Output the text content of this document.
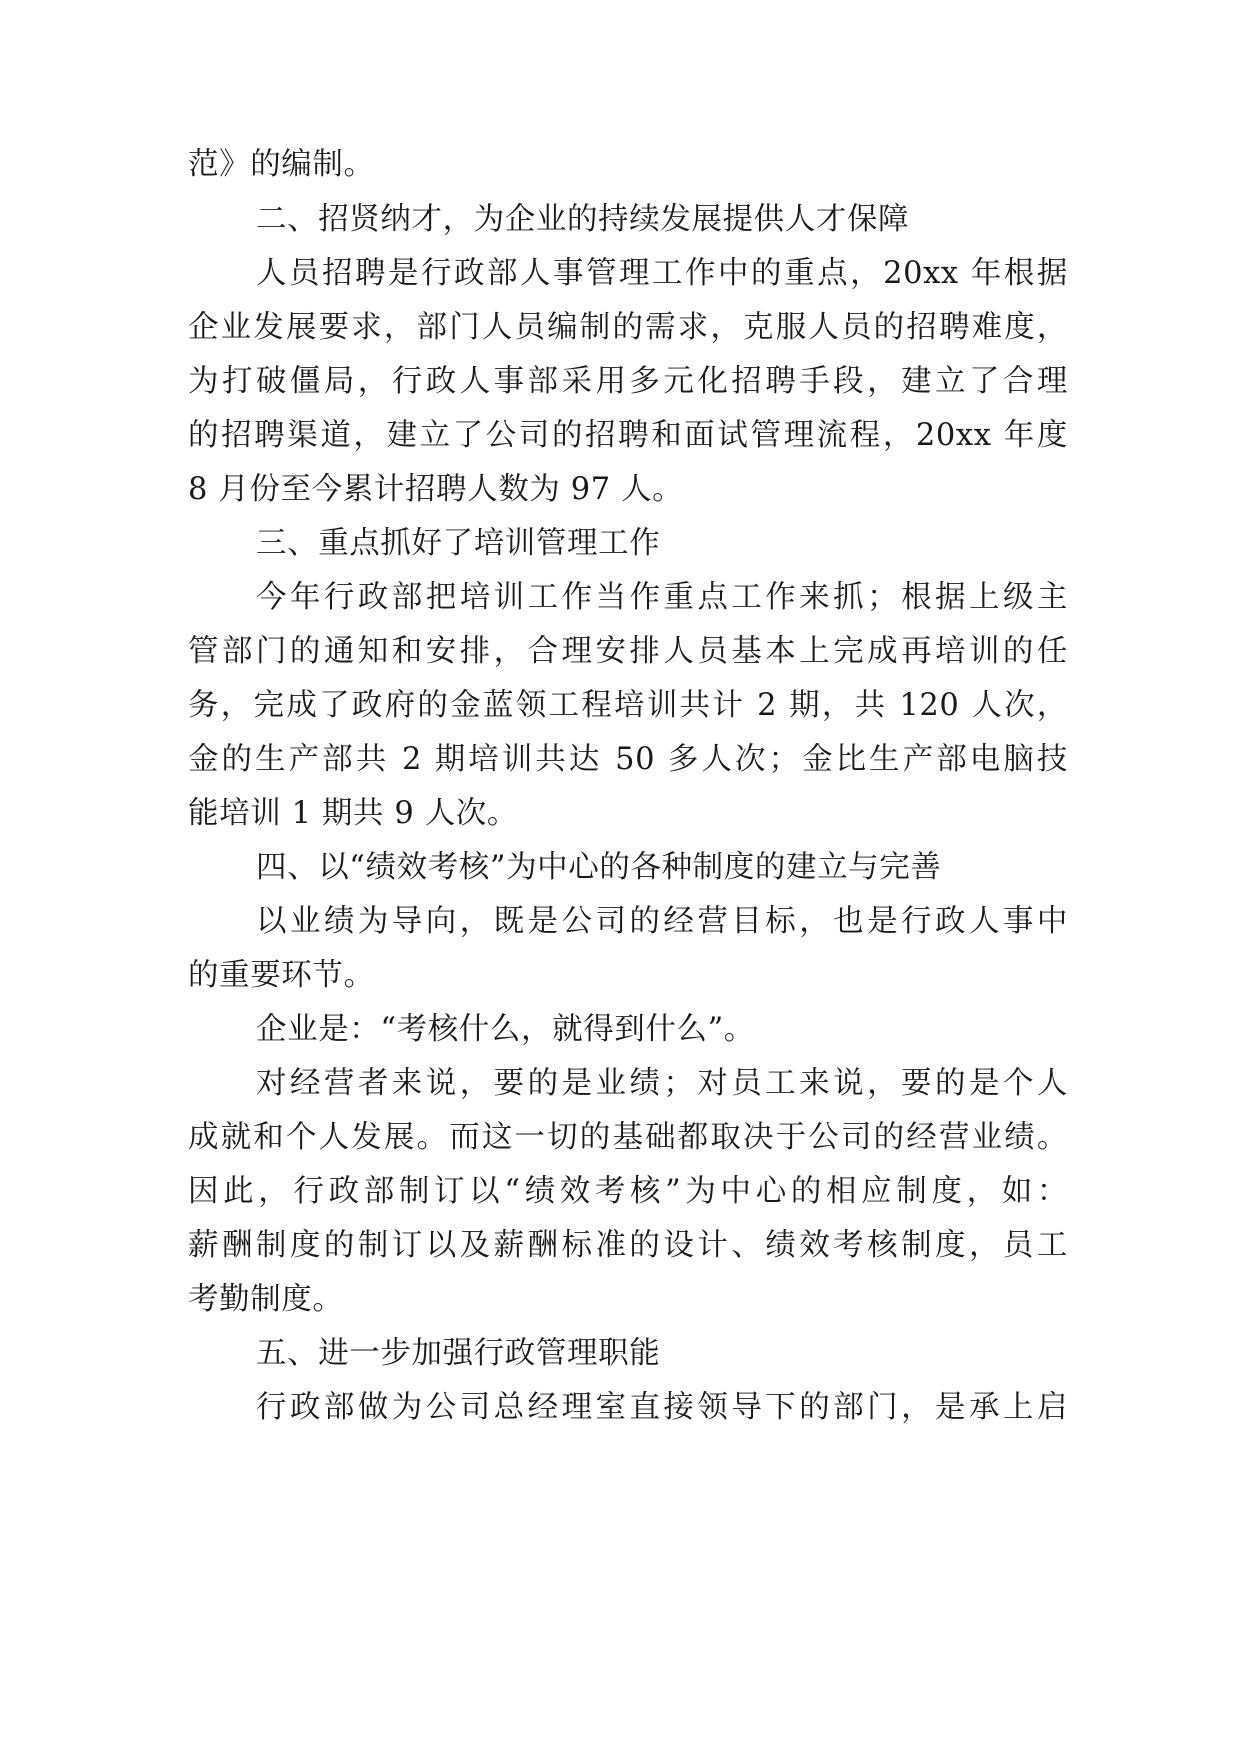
范》的编制。
二、招贤纳才，为企业的持续发展提供人才保障
人员招聘是行政部人事管理工作中的重点，20xx 年根据
企业发展要求，部门人员编制的需求，克服人员的招聘难度，
为打破僵局，行政人事部采用多元化招聘手段，建立了合理
的招聘渠道，建立了公司的招聘和面试管理流程，20xx 年度
8 月份至今累计招聘人数为 97 人。
三、重点抓好了培训管理工作
今年行政部把培训工作当作重点工作来抓；根据上级主
管部门的通知和安排，合理安排人员基本上完成再培训的任
务，完成了政府的金蓝领工程培训共计 2 期，共 120 人次，
金的生产部共 2 期培训共达 50 多人次；金比生产部电脑技
能培训 1 期共 9 人次。
四、以“绩效考核”为中心的各种制度的建立与完善
以业绩为导向，既是公司的经营目标，也是行政人事中
的重要环节。
企业是：“考核什么，就得到什么”。
对经营者来说，要的是业绩；对员工来说，要的是个人
成就和个人发展。而这一切的基础都取决于公司的经营业绩。
因此，行政部制订以“绩效考核”为中心的相应制度，如：
薪酬制度的制订以及薪酬标准的设计、绩效考核制度，员工
考勤制度。
五、进一步加强行政管理职能
行政部做为公司总经理室直接领导下的部门，是承上启
